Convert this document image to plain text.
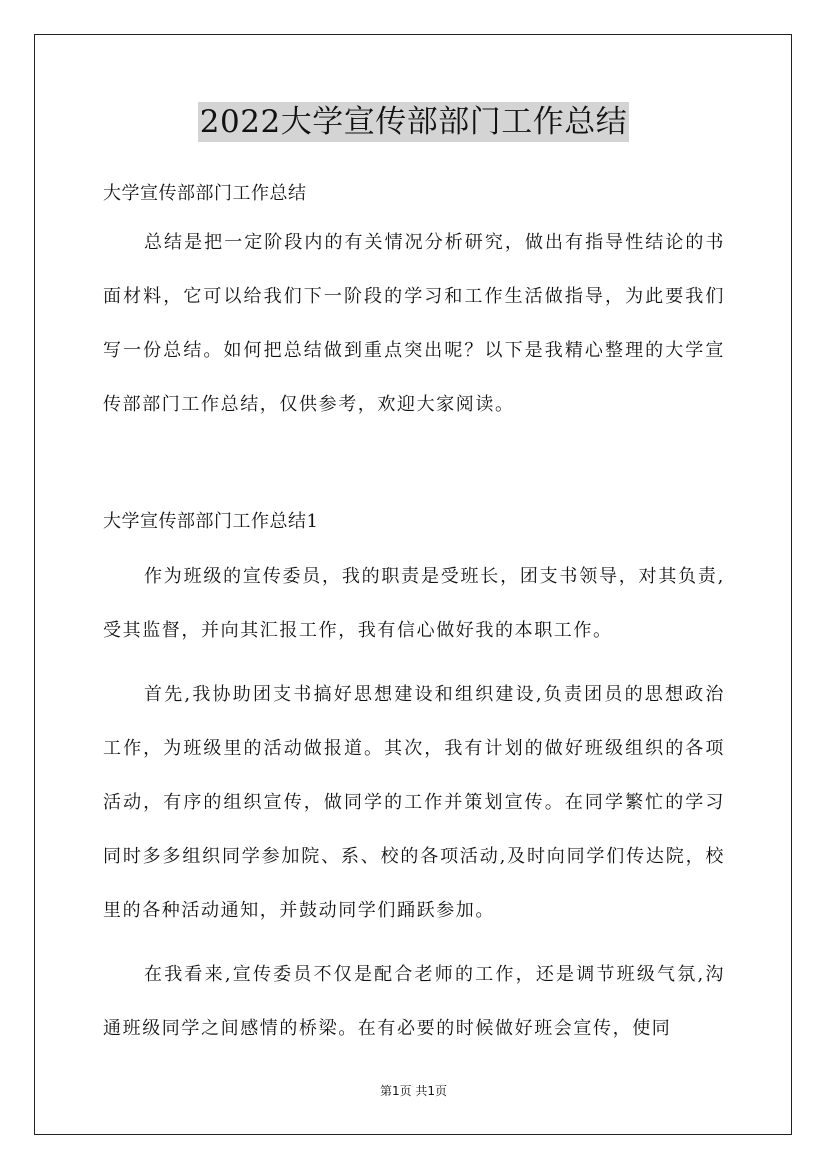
2022大学宣传部部门工作总结

大学宣传部部门工作总结

总结是把一定阶段内的有关情况分析研究，做出有指导性结论的书面材料，它可以给我们下一阶段的学习和工作生活做指导，为此要我们写一份总结。如何把总结做到重点突出呢？以下是我精心整理的大学宣传部部门工作总结，仅供参考，欢迎大家阅读。

大学宣传部部门工作总结1

作为班级的宣传委员，我的职责是受班长，团支书领导，对其负责,受其监督，并向其汇报工作，我有信心做好我的本职工作。

首先,我协助团支书搞好思想建设和组织建设,负责团员的思想政治工作，为班级里的活动做报道。其次，我有计划的做好班级组织的各项活动，有序的组织宣传，做同学的工作并策划宣传。在同学繁忙的学习同时多多组织同学参加院、系、校的各项活动,及时向同学们传达院，校里的各种活动通知，并鼓动同学们踊跃参加。

在我看来,宣传委员不仅是配合老师的工作，还是调节班级气氛,沟通班级同学之间感情的桥梁。在有必要的时候做好班会宣传，使同

第1页 共1页
